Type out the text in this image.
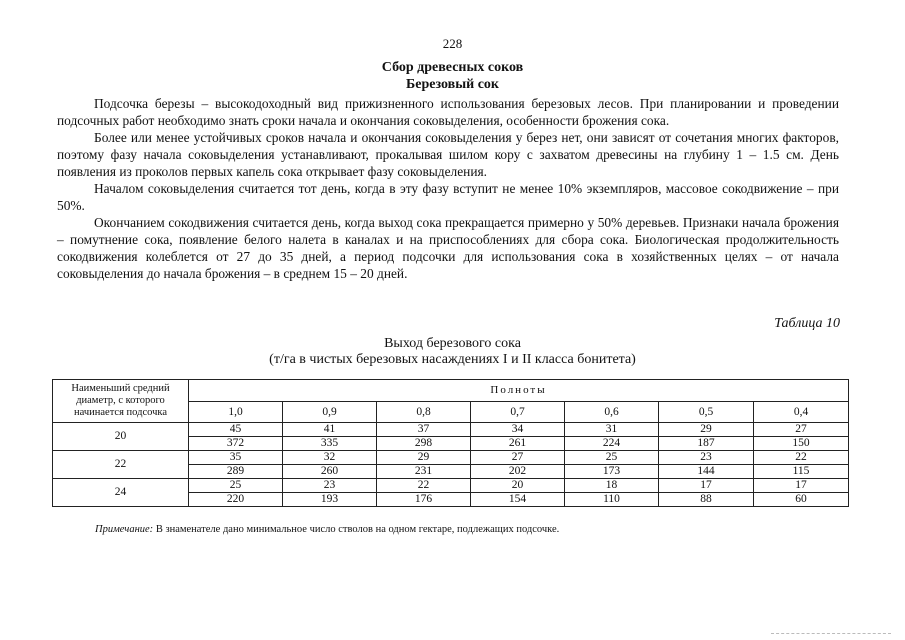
228
Сбор древесных соков
Березовый сок

Подсочка березы – высокодоходный вид прижизненного использования березовых лесов. При планировании и проведении подсочных работ необходимо знать сроки начала и окончания соковыделения, особенности брожения сока.

Более или менее устойчивых сроков начала и окончания соковыделения у берез нет, они зависят от сочетания многих факторов, поэтому фазу начала соковыделения устанавливают, прокалывая шилом кору с захватом древесины на глубину 1 – 1.5 см. День появления из проколов первых капель сока открывает фазу соковыделения.

Началом соковыделения считается тот день, когда в эту фазу вступит не менее 10% экземпляров, массовое сокодвижение – при 50%.

Окончанием сокодвижения считается день, когда выход сока прекращается примерно у 50% деревьев. Признаки начала брожения – помутнение сока, появление белого налета в каналах и на приспособлениях для сбора сока. Биологическая продолжительность сокодвижения колеблется от 27 до 35 дней, а период подсочки для использования сока в хозяйственных целях – от начала соковыделения до начала брожения – в среднем 15 – 20 дней.

Таблица 10
Выход березового сока
(т/га в чистых березовых насаждениях I и II класса бонитета)
Наименьший средний диаметр, с которого начинается подсочка	Полноты						
	1,0	0,9	0,8	0,7	0,6	0,5	0,4
20	45	41	37	34	31	29	27
	372	335	298	261	224	187	150
22	35	32	29	27	25	23	22
	289	260	231	202	173	144	115
24	25	23	22	20	18	17	17
	220	193	176	154	110	88	60
Примечание: В знаменателе дано минимальное число стволов на одном гектаре, подлежащих подсочке.
